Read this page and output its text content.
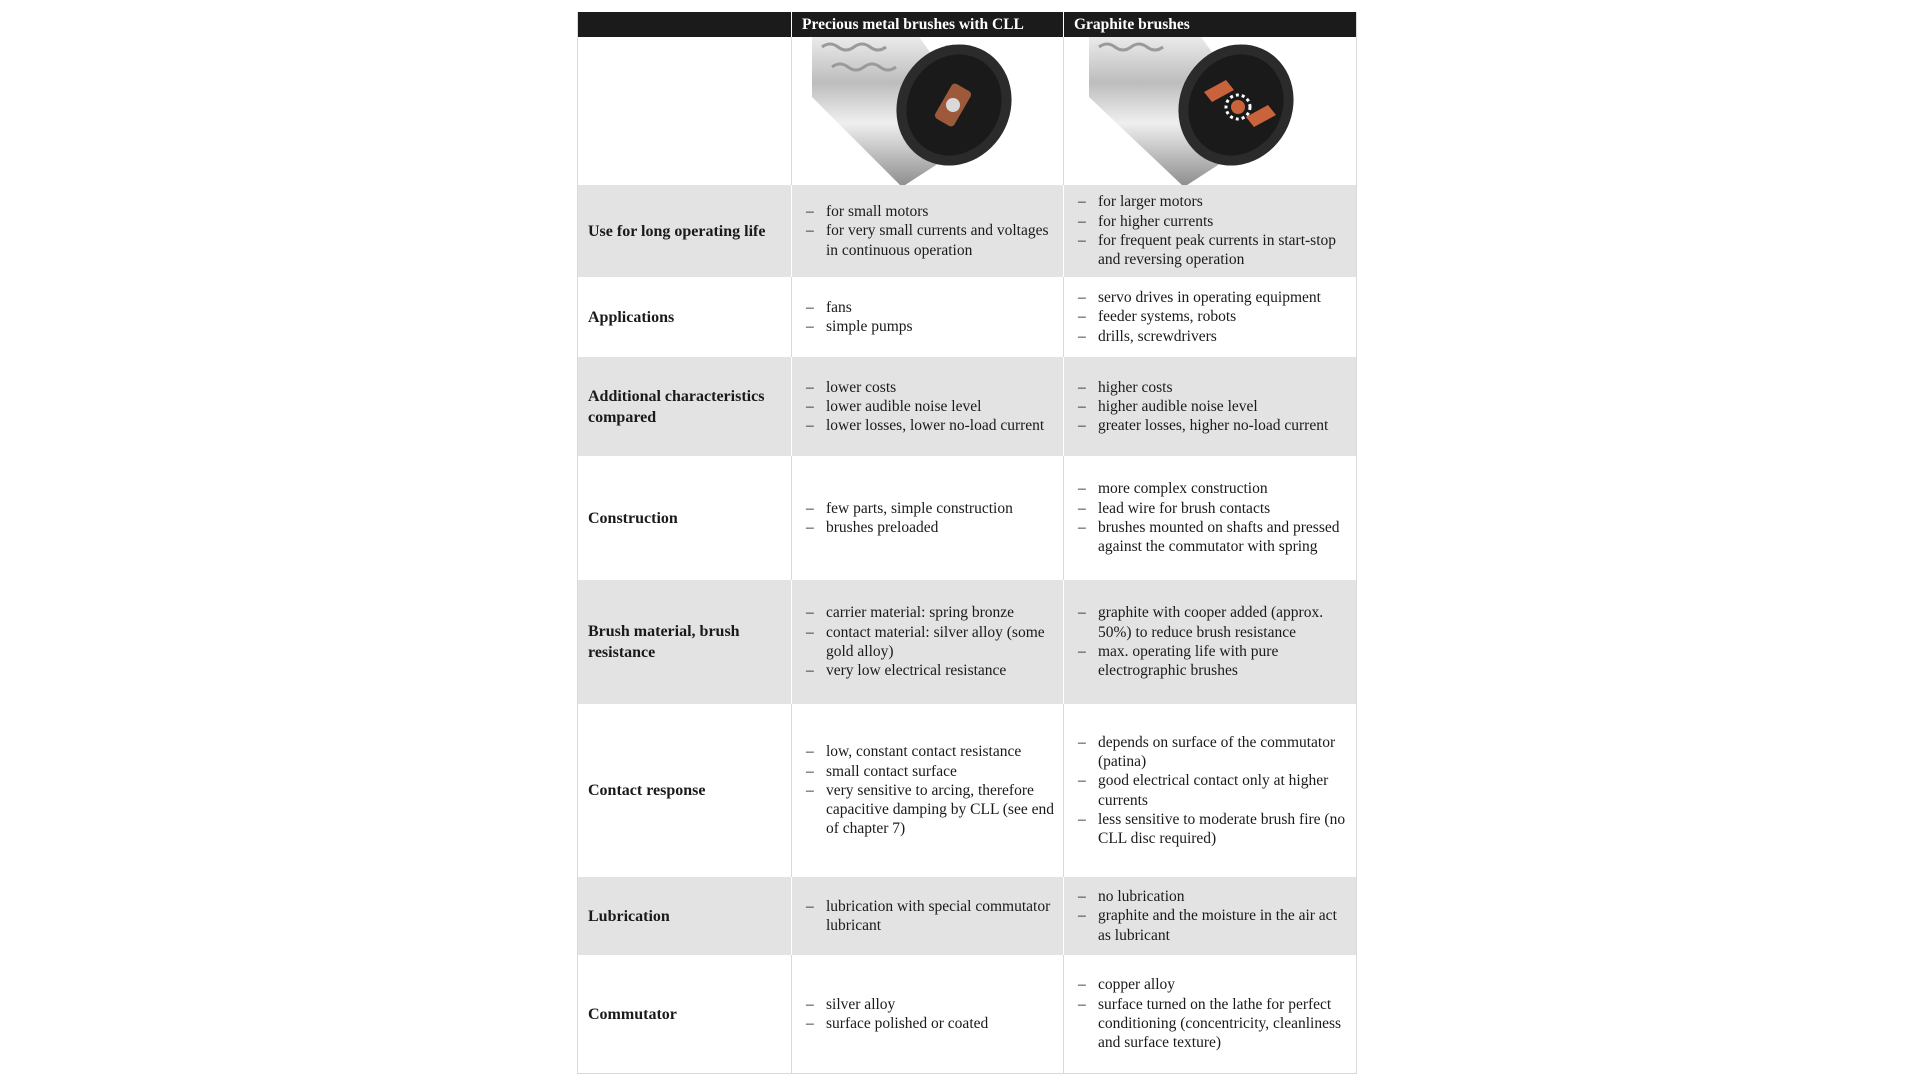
Precious metal brushes with CLL	Graphite brushes
Use for long operating life
– for small motors
– for very small currents and voltages in continuous operation
– for larger motors
– for higher currents
– for frequent peak currents in start-stop and reversing operation
Applications
– fans
– simple pumps
– servo drives in operating equipment
– feeder systems, robots
– drills, screwdrivers
Additional characteristics compared
– lower costs
– lower audible noise level
– lower losses, lower no-load current
– higher costs
– higher audible noise level
– greater losses, higher no-load current
Construction
– few parts, simple construction
– brushes preloaded
– more complex construction
– lead wire for brush contacts
– brushes mounted on shafts and pressed against the commutator with spring
Brush material, brush resistance
– carrier material: spring bronze
– contact material: silver alloy (some gold alloy)
– very low electrical resistance
– graphite with cooper added (approx. 50%) to reduce brush resistance
– max. operating life with pure electrographic brushes
Contact response
– low, constant contact resistance
– small contact surface
– very sensitive to arcing, therefore capacitive damping by CLL (see end of chapter 7)
– depends on surface of the commutator (patina)
– good electrical contact only at higher currents
– less sensitive to moderate brush fire (no CLL disc required)
Lubrication
– lubrication with special commutator lubricant
– no lubrication
– graphite and the moisture in the air act as lubricant
Commutator
– silver alloy
– surface polished or coated
– copper alloy
– surface turned on the lathe for perfect conditioning (concentricity, cleanliness and surface texture)
